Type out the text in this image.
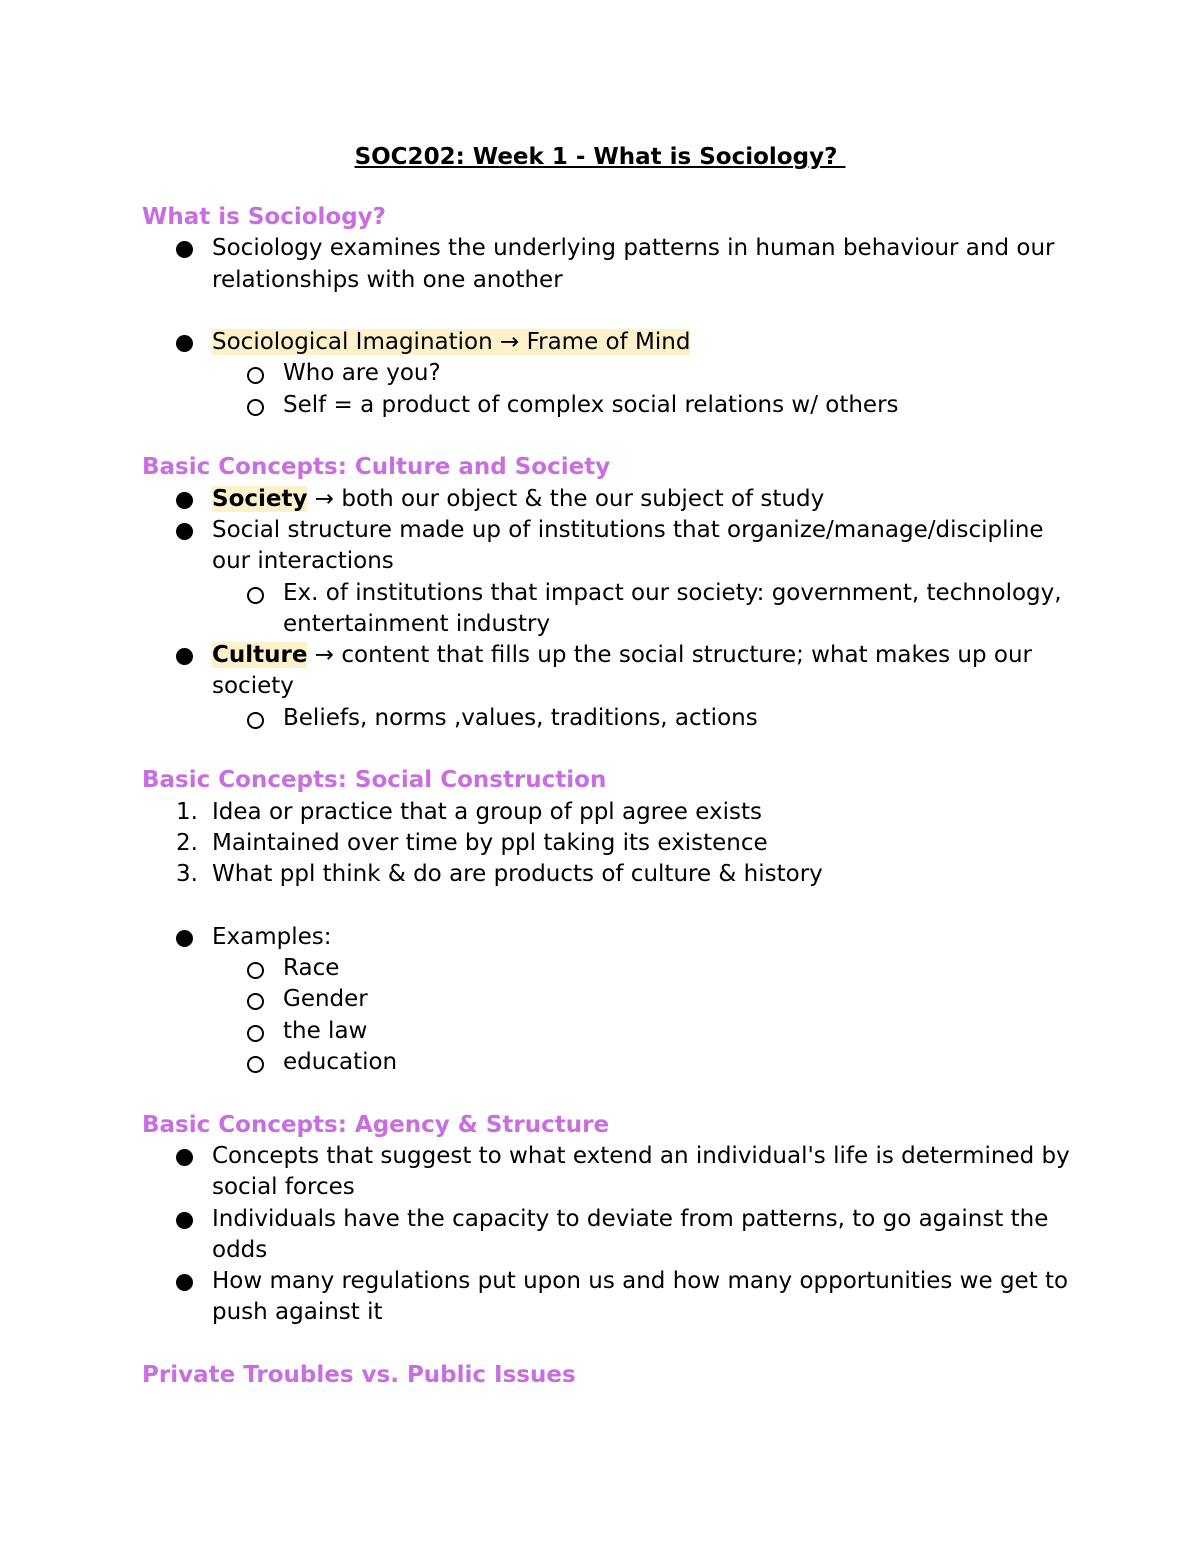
SOC202: Week 1 - What is Sociology?
What is Sociology?
Sociology examines the underlying patterns in human behaviour and our relationships with one another
Sociological Imagination → Frame of Mind
Who are you?
Self = a product of complex social relations w/ others
Basic Concepts: Culture and Society
Society → both our object & the our subject of study
Social structure made up of institutions that organize/manage/discipline our interactions
Ex. of institutions that impact our society: government, technology, entertainment industry
Culture → content that fills up the social structure; what makes up our society
Beliefs, norms ,values, traditions, actions
Basic Concepts: Social Construction
1. Idea or practice that a group of ppl agree exists
2. Maintained over time by ppl taking its existence
3. What ppl think & do are products of culture & history
Examples:
Race
Gender
the law
education
Basic Concepts: Agency & Structure
Concepts that suggest to what extend an individual's life is determined by social forces
Individuals have the capacity to deviate from patterns, to go against the odds
How many regulations put upon us and how many opportunities we get to push against it
Private Troubles vs. Public Issues
